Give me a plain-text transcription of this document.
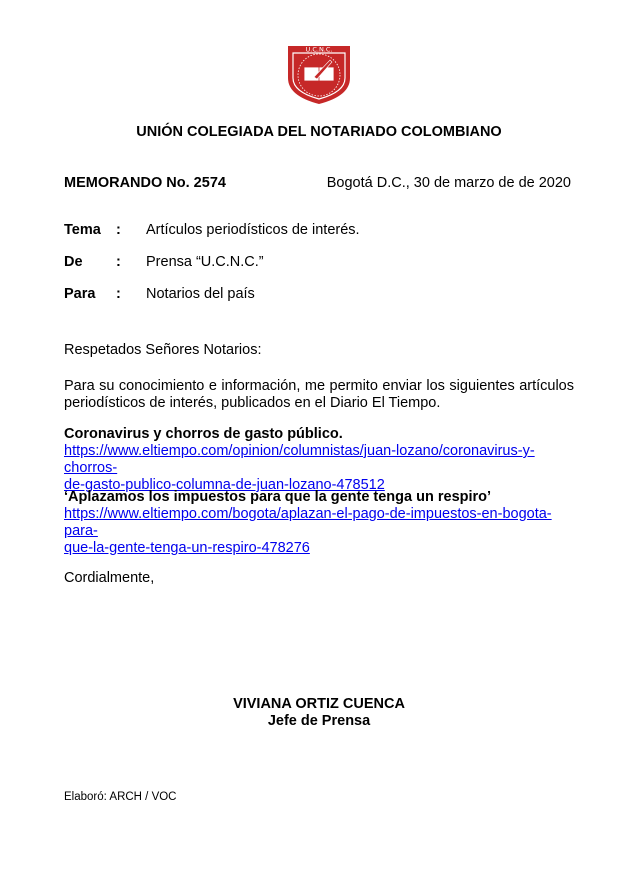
U.C.N.C.
UNIÓN COLEGIADA DEL NOTARIADO COLOMBIANO
MEMORANDO No. 2574	Bogotá D.C., 30 de marzo de de 2020
Tema : Artículos periodísticos de interés.
De : Prensa “U.C.N.C.”
Para : Notarios del país
Respetados Señores Notarios:
Para su conocimiento e información, me permito enviar los siguientes artículos periodísticos de interés, publicados en el Diario El Tiempo.
Coronavirus y chorros de gasto público.
https://www.eltiempo.com/opinion/columnistas/juan-lozano/coronavirus-y-chorros-
de-gasto-publico-columna-de-juan-lozano-478512
‘Aplazamos los impuestos para que la gente tenga un respiro’
https://www.eltiempo.com/bogota/aplazan-el-pago-de-impuestos-en-bogota-para-
que-la-gente-tenga-un-respiro-478276
Cordialmente,
VIVIANA ORTIZ CUENCA
Jefe de Prensa
Elaboró: ARCH / VOC
